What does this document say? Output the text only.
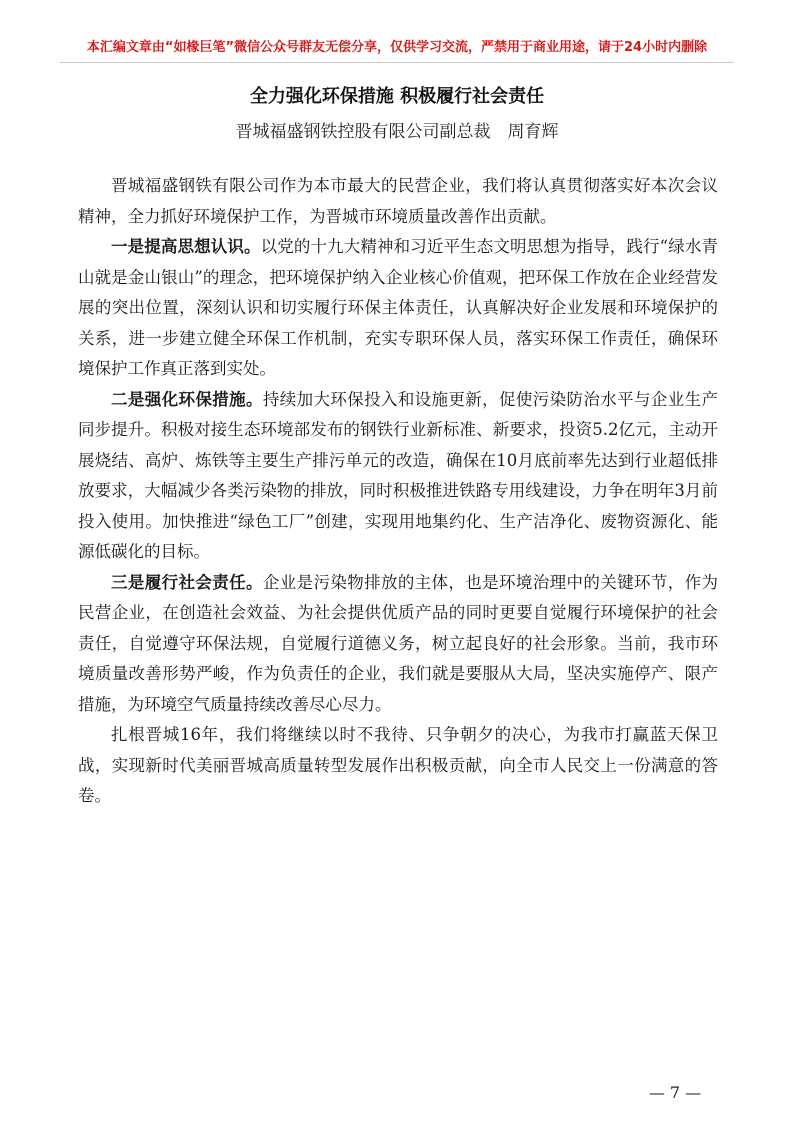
本汇编文章由“如椽巨笔”微信公众号群友无偿分享，仅供学习交流，严禁用于商业用途，请于24小时内删除
全力强化环保措施 积极履行社会责任
晋城福盛钢铁控股有限公司副总裁　周育辉

晋城福盛钢铁有限公司作为本市最大的民营企业，我们将认真贯彻落实好本次会议精神，全力抓好环境保护工作，为晋城市环境质量改善作出贡献。

一是提高思想认识。以党的十九大精神和习近平生态文明思想为指导，践行“绿水青山就是金山银山”的理念，把环境保护纳入企业核心价值观，把环保工作放在企业经营发展的突出位置，深刻认识和切实履行环保主体责任，认真解决好企业发展和环境保护的关系，进一步建立健全环保工作机制，充实专职环保人员，落实环保工作责任，确保环境保护工作真正落到实处。

二是强化环保措施。持续加大环保投入和设施更新，促使污染防治水平与企业生产同步提升。积极对接生态环境部发布的钢铁行业新标准、新要求，投资5.2亿元，主动开展烧结、高炉、炼铁等主要生产排污单元的改造，确保在10月底前率先达到行业超低排放要求，大幅减少各类污染物的排放，同时积极推进铁路专用线建设，力争在明年3月前投入使用。加快推进“绿色工厂”创建，实现用地集约化、生产洁净化、废物资源化、能源低碳化的目标。

三是履行社会责任。企业是污染物排放的主体，也是环境治理中的关键环节，作为民营企业，在创造社会效益、为社会提供优质产品的同时更要自觉履行环境保护的社会责任，自觉遵守环保法规，自觉履行道德义务，树立起良好的社会形象。当前，我市环境质量改善形势严峻，作为负责任的企业，我们就是要服从大局，坚决实施停产、限产措施，为环境空气质量持续改善尽心尽力。

扎根晋城16年，我们将继续以时不我待、只争朝夕的决心，为我市打赢蓝天保卫战，实现新时代美丽晋城高质量转型发展作出积极贡献，向全市人民交上一份满意的答卷。

— 7 —
